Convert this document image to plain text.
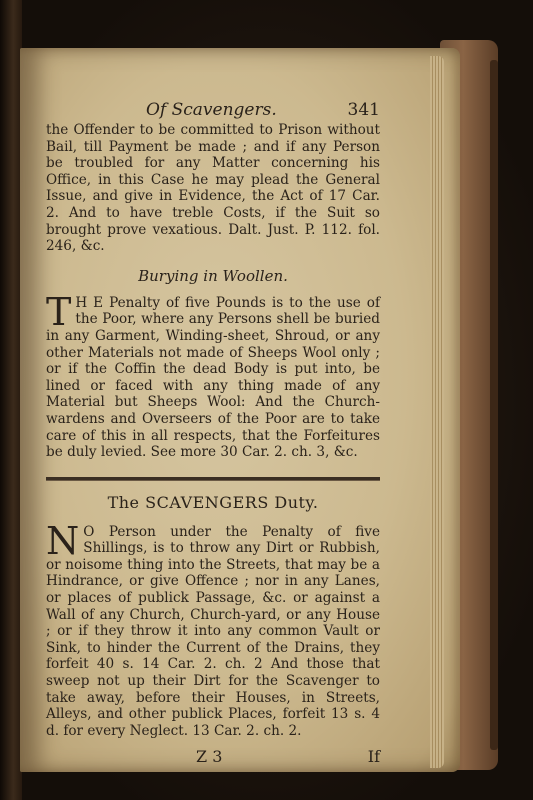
Of Scavengers.	341

the Offender to be committed to Prison without Bail, till Payment be made ; and if any Person be troubled for any Matter concerning his Office, in this Case he may plead the General Issue, and give in Evidence, the Act of 17 Car. 2. And to have treble Costs, if the Suit so brought prove vexatious. Dalt. Just. P. 112. fol. 246, &c.

Burying in Woollen.

T H E Penalty of five Pounds is to the use of the Poor, where any Persons shell be buried in any Garment, Winding-sheet, Shroud, or any other Materials not made of Sheeps Wool only ; or if the Coffin the dead Body is put into, be lined or faced with any thing made of any Material but Sheeps Wool: And the Church-wardens and Overseers of the Poor are to take care of this in all respects, that the Forfeitures be duly levied. See more 30 Car. 2. ch. 3, &c.

The SCAVENGERS Duty.

N O Person under the Penalty of five Shillings, is to throw any Dirt or Rubbish, or noisome thing into the Streets, that may be a Hindrance, or give Offence ; nor in any Lanes, or places of publick Passage, &c. or against a Wall of any Church, Church-yard, or any House ; or if they throw it into any common Vault or Sink, to hinder the Current of the Drains, they forfeit 40 s. 14 Car. 2. ch. 2 And those that sweep not up their Dirt for the Scavenger to take away, before their Houses, in Streets, Alleys, and other publick Places, forfeit 13 s. 4 d. for every Neglect. 13 Car. 2. ch. 2.

Z 3	If
